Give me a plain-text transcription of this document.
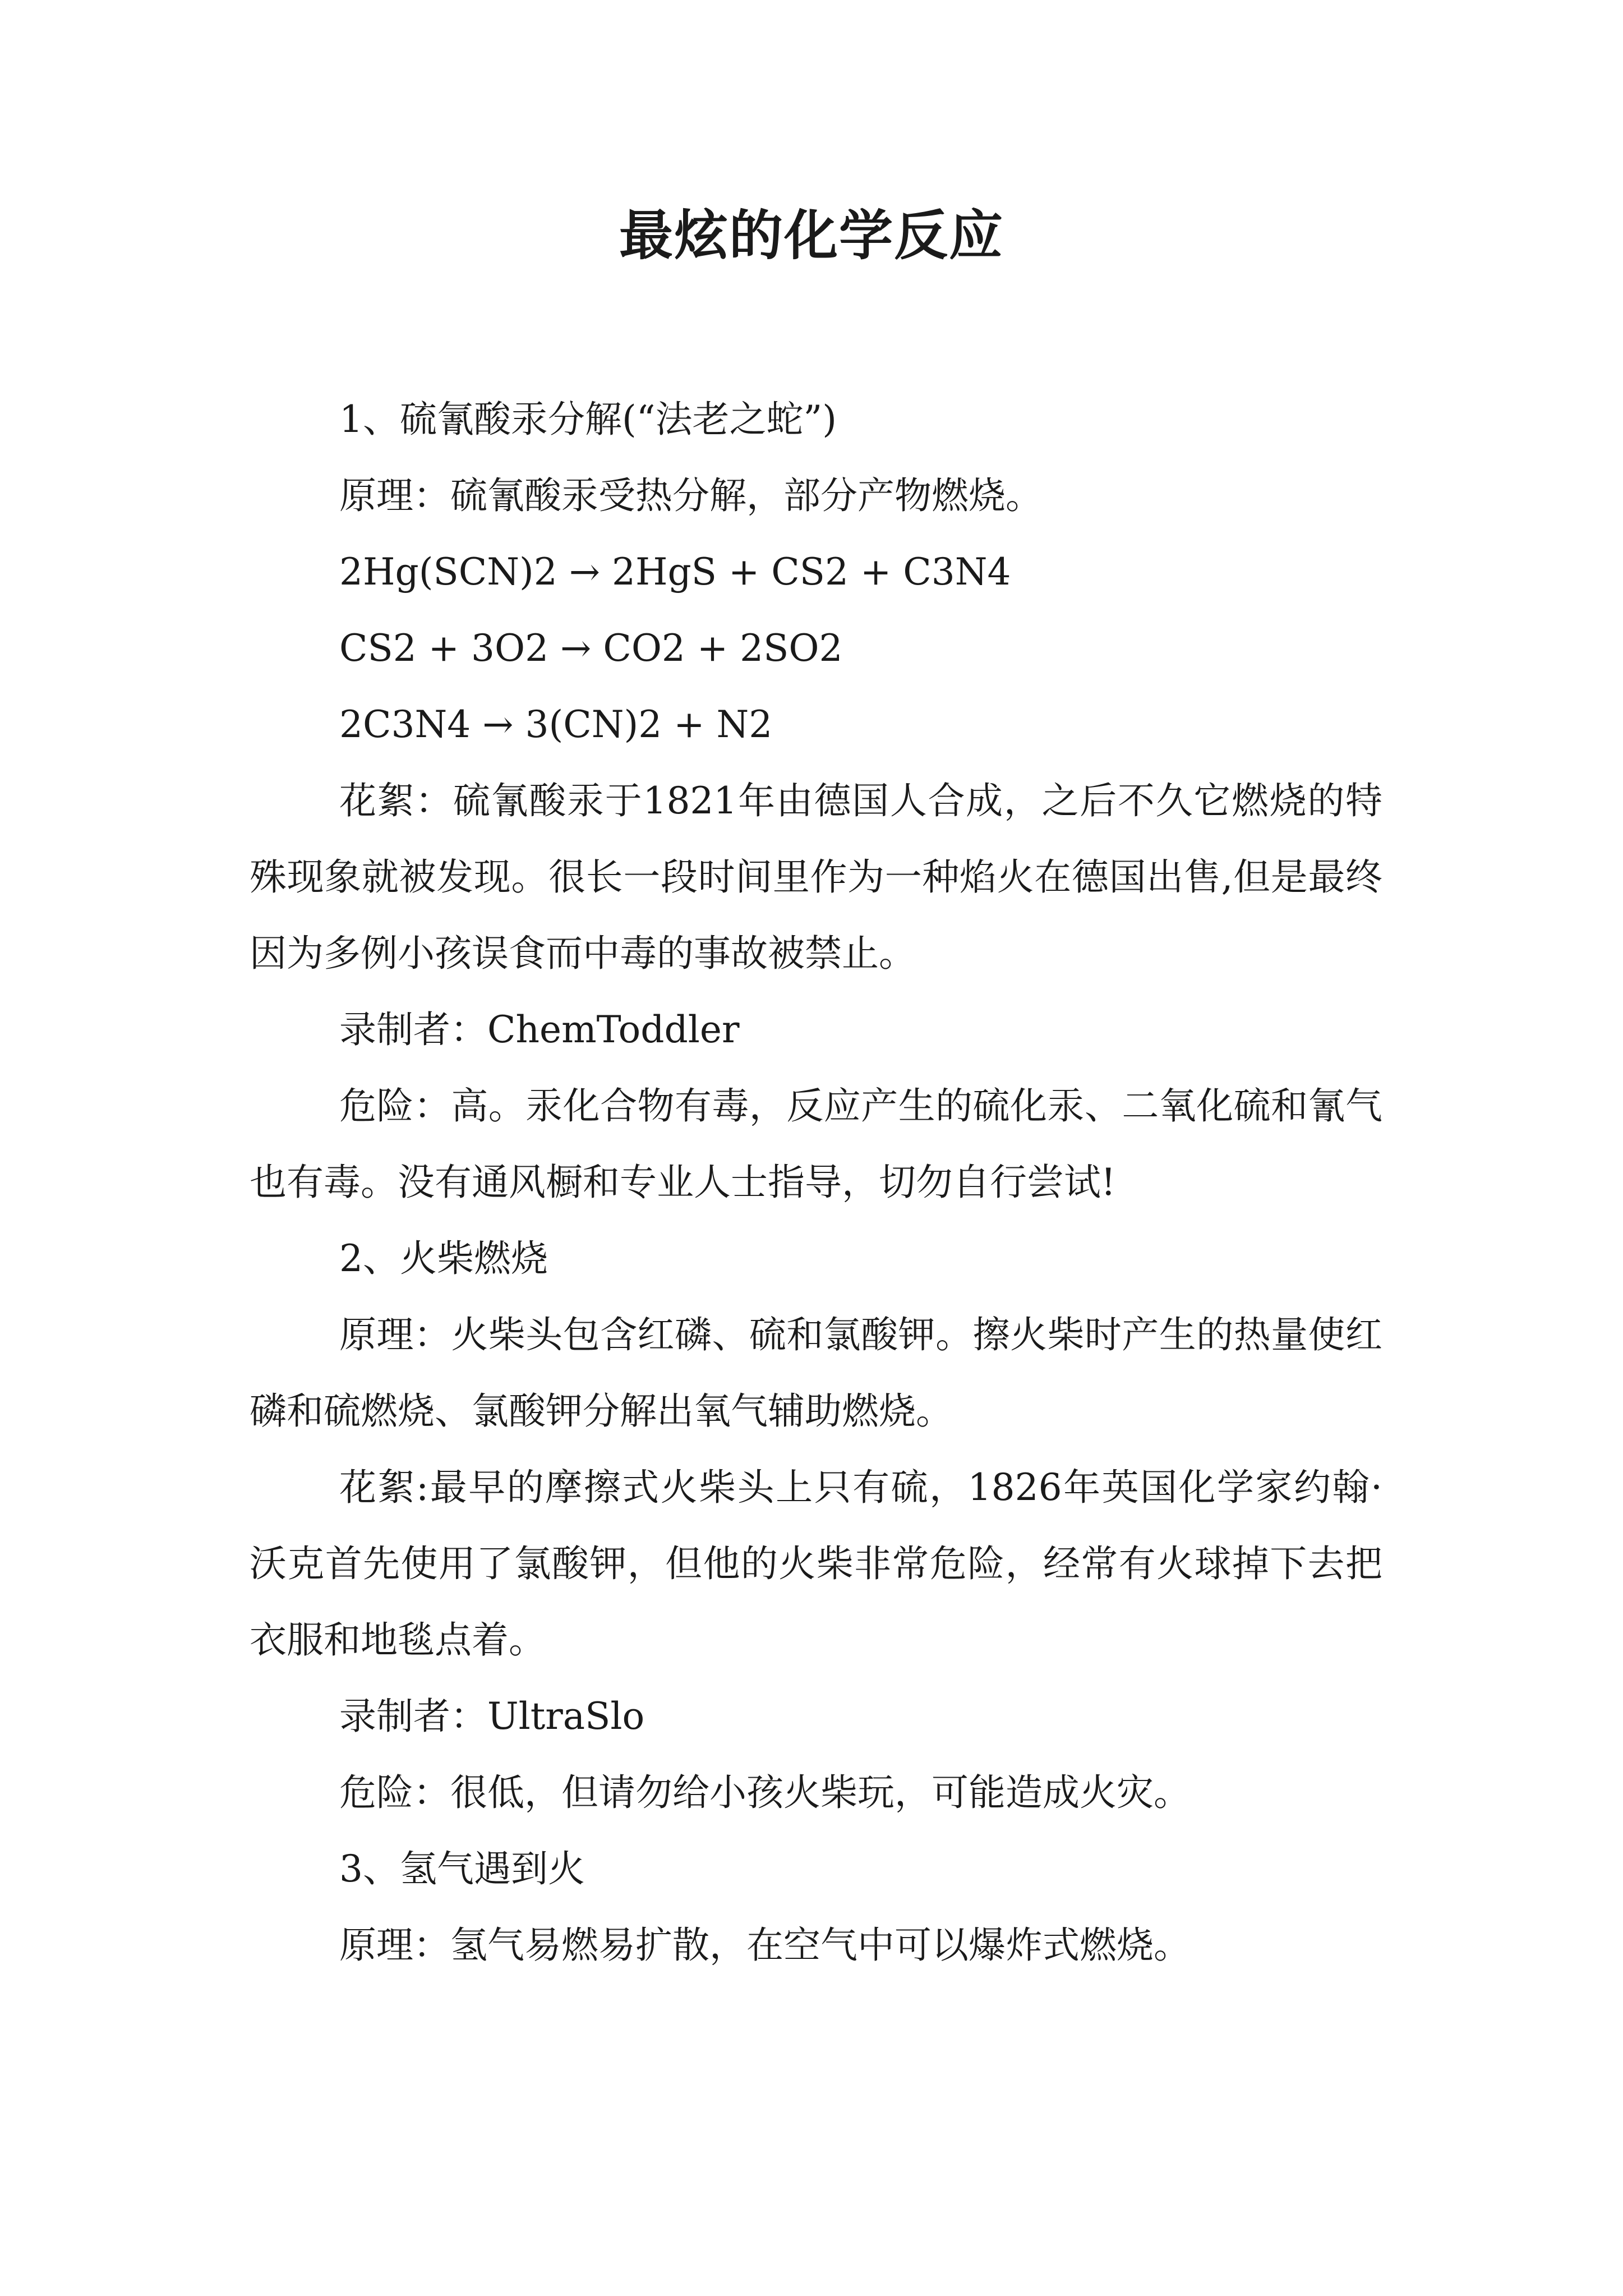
最炫的化学反应

1、硫氰酸汞分解(“法老之蛇”)

原理：硫氰酸汞受热分解，部分产物燃烧。

2Hg(SCN)2 → 2HgS + CS2 + C3N4

CS2 + 3O2 → CO2 + 2SO2

2C3N4 → 3(CN)2 + N2

花絮：硫氰酸汞于1821年由德国人合成，之后不久它燃烧的特殊现象就被发现。很长一段时间里作为一种焰火在德国出售,但是最终因为多例小孩误食而中毒的事故被禁止。

录制者：ChemToddler

危险：高。汞化合物有毒，反应产生的硫化汞、二氧化硫和氰气也有毒。没有通风橱和专业人士指导，切勿自行尝试!

2、火柴燃烧

原理：火柴头包含红磷、硫和氯酸钾。擦火柴时产生的热量使红磷和硫燃烧、氯酸钾分解出氧气辅助燃烧。

花絮:最早的摩擦式火柴头上只有硫，1826年英国化学家约翰·沃克首先使用了氯酸钾，但他的火柴非常危险，经常有火球掉下去把衣服和地毯点着。

录制者：UltraSlo

危险：很低，但请勿给小孩火柴玩，可能造成火灾。

3、氢气遇到火

原理：氢气易燃易扩散，在空气中可以爆炸式燃烧。
